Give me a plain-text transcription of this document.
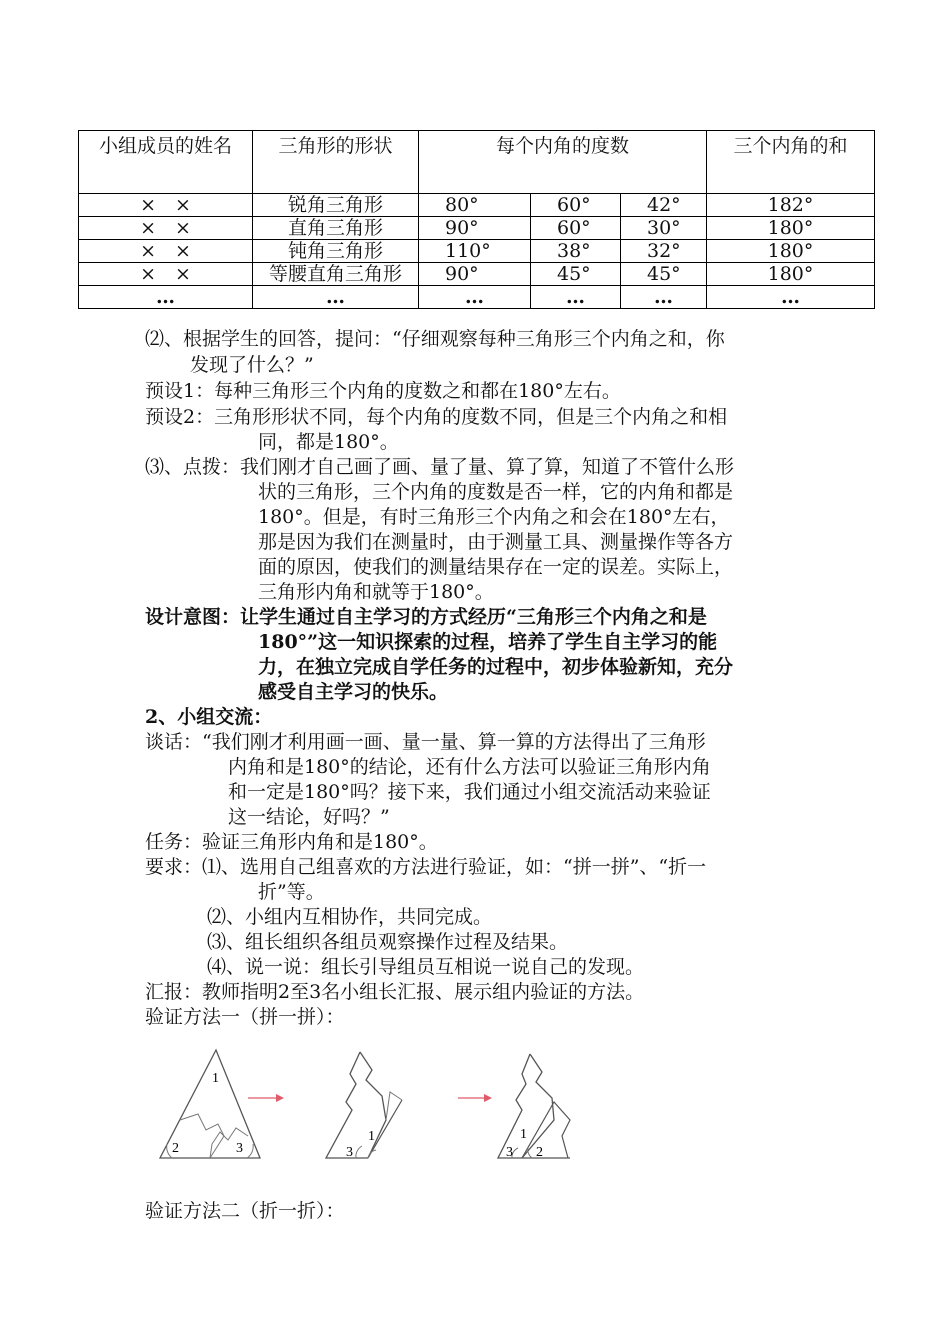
小组成员的姓名	三角形的形状	每个内角的度数			三个内角的和
×　×	锐角三角形	80°	60°	42°	182°
×　×	直角三角形	90°	60°	30°	180°
×　×	钝角三角形	110°	38°	32°	180°
×　×	等腰直角三角形	90°	45°	45°	180°
…	…	…	…	…	…
⑵、根据学生的回答，提问：“仔细观察每种三角形三个内角之和，你
发现了什么？”
预设1：每种三角形三个内角的度数之和都在180°左右。
预设2：三角形形状不同，每个内角的度数不同，但是三个内角之和相
同，都是180°。
⑶、点拨：我们刚才自己画了画、量了量、算了算，知道了不管什么形
状的三角形，三个内角的度数是否一样，它的内角和都是
180°。但是，有时三角形三个内角之和会在180°左右，
那是因为我们在测量时，由于测量工具、测量操作等各方
面的原因，使我们的测量结果存在一定的误差。实际上，
三角形内角和就等于180°。
设计意图：让学生通过自主学习的方式经历“三角形三个内角之和是
180°”这一知识探索的过程，培养了学生自主学习的能
力，在独立完成自学任务的过程中，初步体验新知，充分
感受自主学习的快乐。
2、小组交流：
谈话：“我们刚才利用画一画、量一量、算一算的方法得出了三角形
内角和是180°的结论，还有什么方法可以验证三角形内角
和一定是180°吗？接下来，我们通过小组交流活动来验证
这一结论，好吗？”
任务：验证三角形内角和是180°。
要求：⑴、选用自己组喜欢的方法进行验证，如：“拼一拼”、“折一
折”等。
⑵、小组内互相协作，共同完成。
⑶、组长组织各组员观察操作过程及结果。
⑷、说一说：组长引导组员互相说一说自己的发现。
汇报：教师指明2至3名小组长汇报、展示组内验证的方法。
验证方法一（拼一拼）：
1
2	3	3
1
3
1
2
验证方法二（折一折）：
